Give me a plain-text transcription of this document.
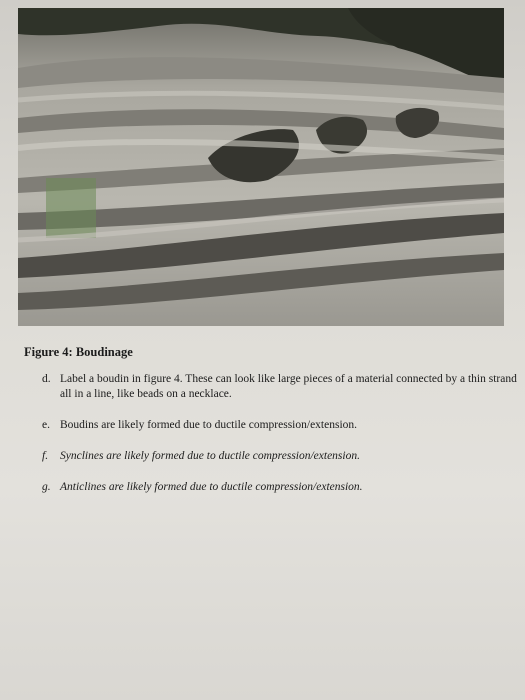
Figure 4: Boudinage
d. Label a boudin in figure 4. These can look like large pieces of a material connected by a thin strand all in a line, like beads on a necklace.
e. Boudins are likely formed due to ductile compression/extension.
f. Synclines are likely formed due to ductile compression/extension.
g. Anticlines are likely formed due to ductile compression/extension.
